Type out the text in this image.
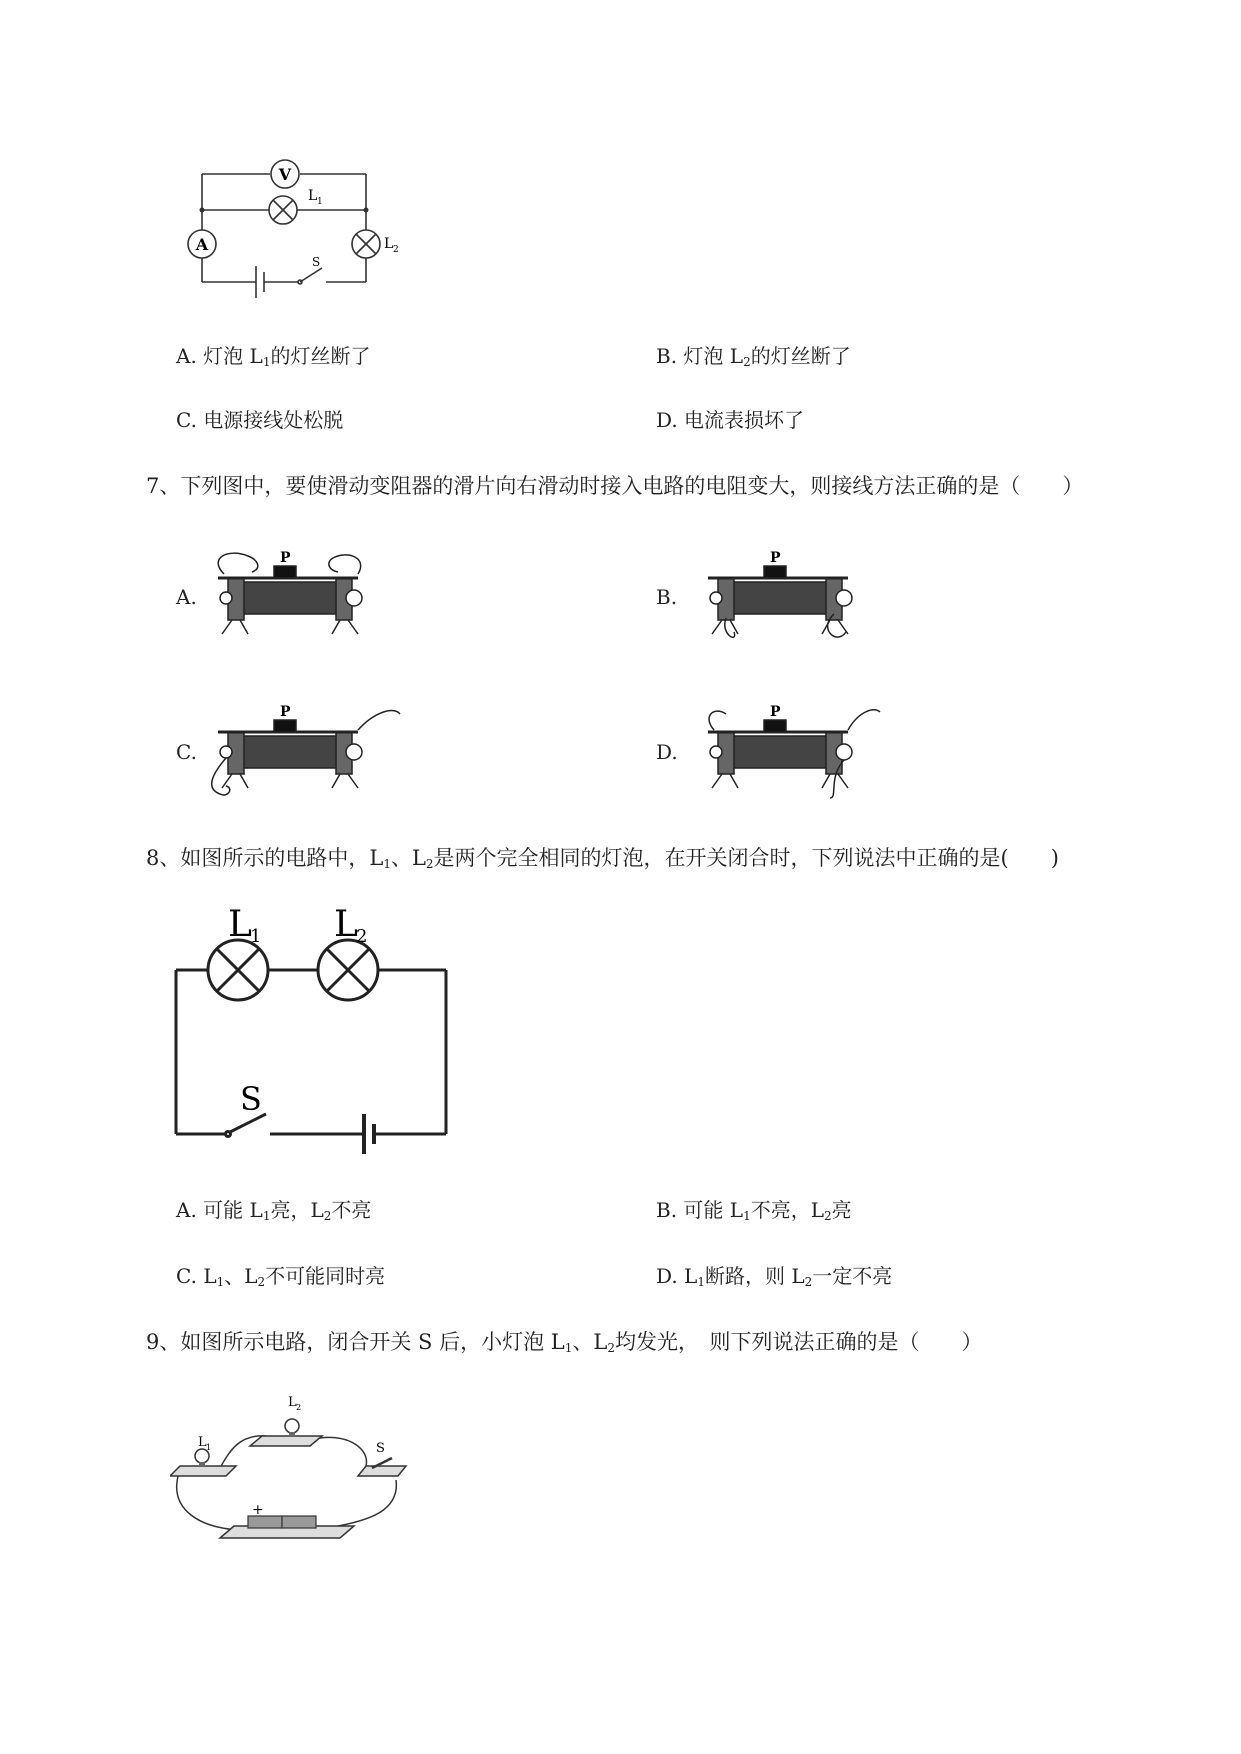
V
A
L 1
L 2
S
A. 灯泡 $L_1$的灯丝断了	B. 灯泡 $L_2$的灯丝断了
C. 电源接线处松脱	D. 电流表损坏了
7、下列图中，要使滑动变阻器的滑片向右滑动时接入电路的电阻变大，则接线方法正确的是（　　）
A.	B.
C.	D.
P	P
P	P
8、如图所示的电路中，$L_1$、$L_2$是两个完全相同的灯泡，在开关闭合时，下列说法中正确的是(　　)
L
1 L
2
S
A. 可能 $L_1$亮，$L_2$不亮	B. 可能 $L_1$不亮，$L_2$亮
C. $L_1$、$L_2$不可能同时亮	D. $L_1$断路，则 $L_2$一定不亮
9、如图所示电路，闭合开关 S 后，小灯泡 $L_1$、$L_2$均发光，　则下列说法正确的是（　　）
L 1
L 2
S
+
